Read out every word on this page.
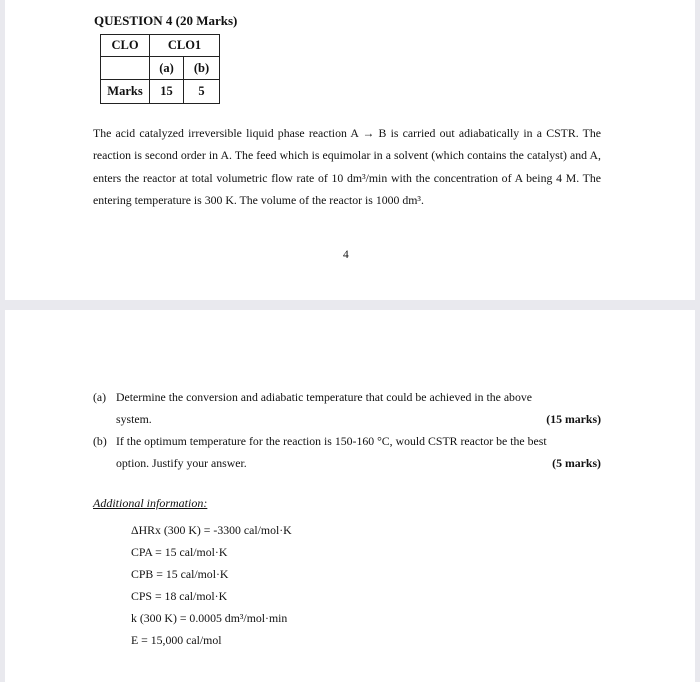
QUESTION 4 (20 Marks)
CLO	CLO1	
	(a)	(b)
Marks	15	5
The acid catalyzed irreversible liquid phase reaction A → B is carried out adiabatically in a CSTR. The reaction is second order in A. The feed which is equimolar in a solvent (which contains the catalyst) and A, enters the reactor at total volumetric flow rate of 10 dm³/min with the concentration of A being 4 M. The entering temperature is 300 K. The volume of the reactor is 1000 dm³.
4
(a) Determine the conversion and adiabatic temperature that could be achieved in the above
system.	(15 marks)
(b) If the optimum temperature for the reaction is 150-160 °C, would CSTR reactor be the best
option. Justify your answer.	(5 marks)
Additional information:
ΔHRx (300 K) = -3300 cal/mol·K
CPA = 15 cal/mol·K
CPB = 15 cal/mol·K
CPS = 18 cal/mol·K
k (300 K) = 0.0005 dm³/mol·min
E = 15,000 cal/mol
